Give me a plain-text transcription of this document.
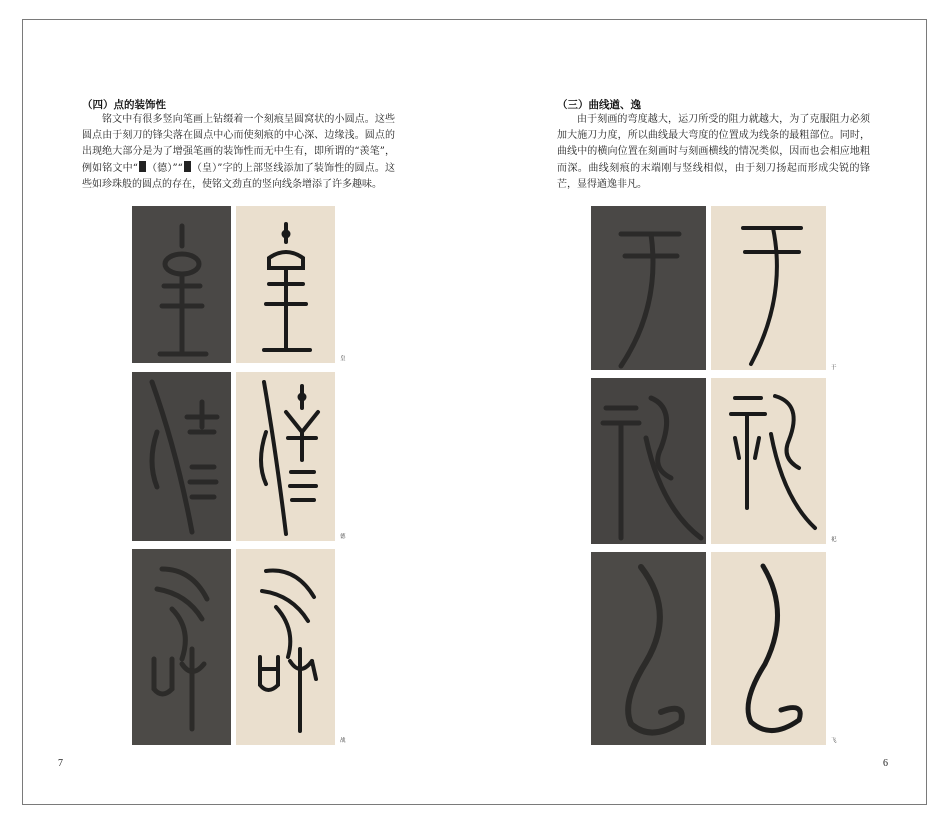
（四）点的装饰性

铭文中有很多竖向笔画上钻缀着一个刻痕呈圆窝状的小圆点。这些圆点由于刻刀的锋尖落在圆点中心而使刻痕的中心深、边缘浅。圆点的出现绝大部分是为了增强笔画的装饰性而无中生有，即所谓的“羡笔”，例如铭文中“ （德）”“ （皇）”字的上部竖线添加了装饰性的圆点。这些如珍珠般的圆点的存在，使铭文劲直的竖向线条增添了许多趣味。

皇
德
战
7
（三）曲线遒、逸

由于刻画的弯度越大，运刀所受的阻力就越大，为了克服阻力必须加大施刀力度，所以曲线最大弯度的位置成为线条的最粗部位。同时，曲线中的横向位置在刻画时与刻画横线的情况类似，因而也会相应地粗而深。曲线刻痕的末端刚与竖线相似，由于刻刀扬起而形成尖锐的锋芒，显得遒逸非凡。

于
祀
飞
6
